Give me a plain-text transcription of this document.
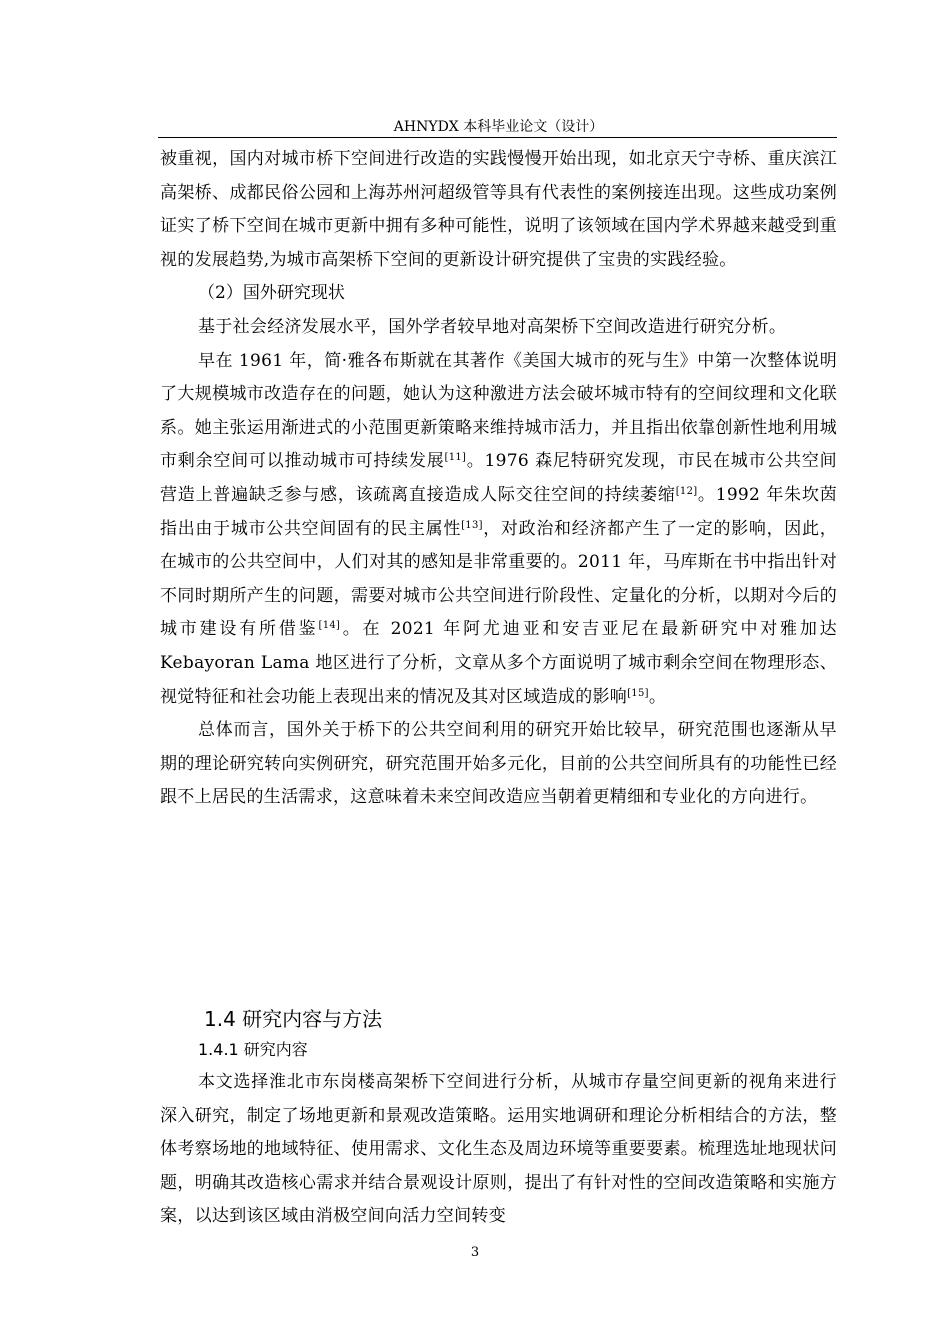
AHNYDX 本科毕业论文（设计）

被重视，国内对城市桥下空间进行改造的实践慢慢开始出现，如北京天宁寺桥、重庆滨江高架桥、成都民俗公园和上海苏州河超级管等具有代表性的案例接连出现。这些成功案例证实了桥下空间在城市更新中拥有多种可能性，说明了该领域在国内学术界越来越受到重视的发展趋势,为城市高架桥下空间的更新设计研究提供了宝贵的实践经验。

（2）国外研究现状

基于社会经济发展水平，国外学者较早地对高架桥下空间改造进行研究分析。

早在 1961 年，简·雅各布斯就在其著作《美国大城市的死与生》中第一次整体说明了大规模城市改造存在的问题，她认为这种激进方法会破坏城市特有的空间纹理和文化联系。她主张运用渐进式的小范围更新策略来维持城市活力，并且指出依靠创新性地利用城市剩余空间可以推动城市可持续发展[11]。1976 森尼特研究发现，市民在城市公共空间营造上普遍缺乏参与感，该疏离直接造成人际交往空间的持续萎缩[12]。1992 年朱坎茵指出由于城市公共空间固有的民主属性[13]，对政治和经济都产生了一定的影响，因此，在城市的公共空间中，人们对其的感知是非常重要的。2011 年，马库斯在书中指出针对不同时期所产生的问题，需要对城市公共空间进行阶段性、定量化的分析，以期对今后的城市建设有所借鉴[14]。在 2021 年阿尤迪亚和安吉亚尼在最新研究中对雅加达 Kebayoran Lama 地区进行了分析，文章从多个方面说明了城市剩余空间在物理形态、视觉特征和社会功能上表现出来的情况及其对区域造成的影响[15]。

总体而言，国外关于桥下的公共空间利用的研究开始比较早，研究范围也逐渐从早期的理论研究转向实例研究，研究范围开始多元化，目前的公共空间所具有的功能性已经跟不上居民的生活需求，这意味着未来空间改造应当朝着更精细和专业化的方向进行。

1.4 研究内容与方法
1.4.1 研究内容

本文选择淮北市东岗楼高架桥下空间进行分析，从城市存量空间更新的视角来进行深入研究，制定了场地更新和景观改造策略。运用实地调研和理论分析相结合的方法，整体考察场地的地域特征、使用需求、文化生态及周边环境等重要要素。梳理选址地现状问题，明确其改造核心需求并结合景观设计原则，提出了有针对性的空间改造策略和实施方案，以达到该区域由消极空间向活力空间转变

3
